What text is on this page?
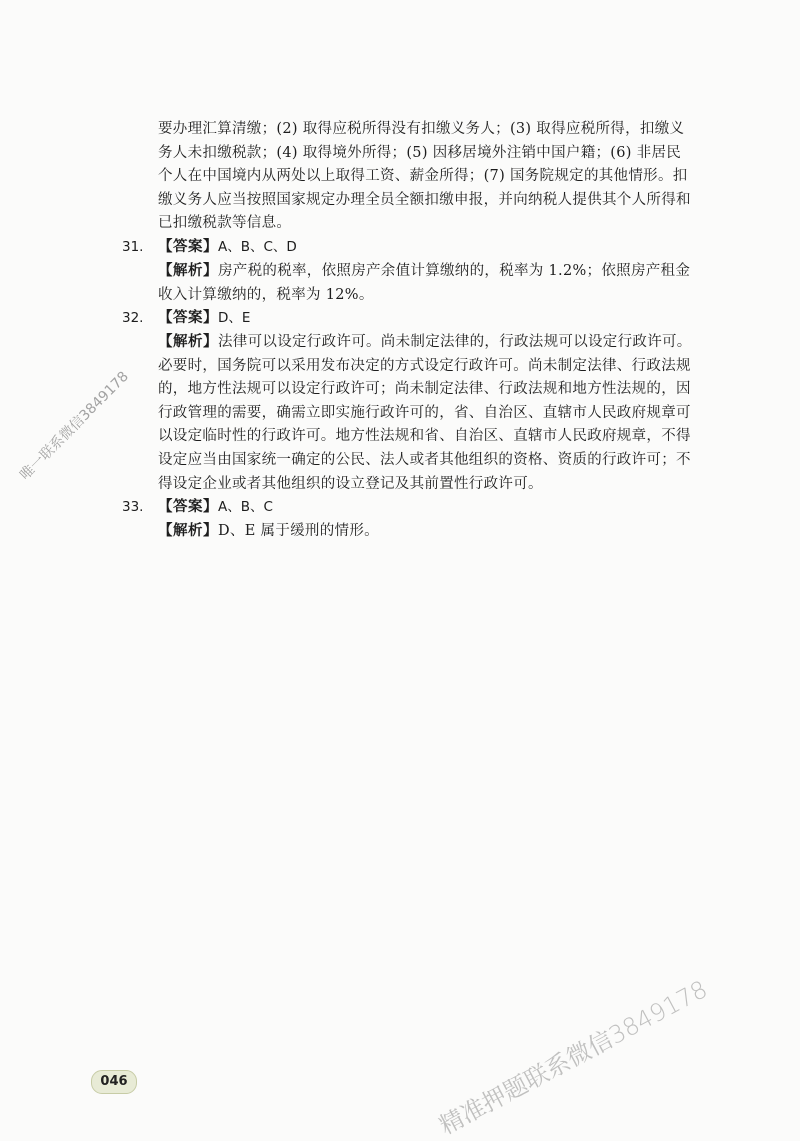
要办理汇算清缴；(2) 取得应税所得没有扣缴义务人；(3) 取得应税所得，扣缴义
务人未扣缴税款；(4) 取得境外所得；(5) 因移居境外注销中国户籍；(6) 非居民
个人在中国境内从两处以上取得工资、薪金所得；(7) 国务院规定的其他情形。扣
缴义务人应当按照国家规定办理全员全额扣缴申报，并向纳税人提供其个人所得和
已扣缴税款等信息。
31. 【答案】A、B、C、D
【解析】房产税的税率，依照房产余值计算缴纳的，税率为 1.2%；依照房产租金
收入计算缴纳的，税率为 12%。
32. 【答案】D、E
【解析】法律可以设定行政许可。尚未制定法律的，行政法规可以设定行政许可。
必要时，国务院可以采用发布决定的方式设定行政许可。尚未制定法律、行政法规
的，地方性法规可以设定行政许可；尚未制定法律、行政法规和地方性法规的，因
行政管理的需要，确需立即实施行政许可的，省、自治区、直辖市人民政府规章可
以设定临时性的行政许可。地方性法规和省、自治区、直辖市人民政府规章，不得
设定应当由国家统一确定的公民、法人或者其他组织的资格、资质的行政许可；不
得设定企业或者其他组织的设立登记及其前置性行政许可。
33. 【答案】A、B、C
【解析】D、E 属于缓刑的情形。
唯一联系微信3849178
精准押题联系微信3849178
046
